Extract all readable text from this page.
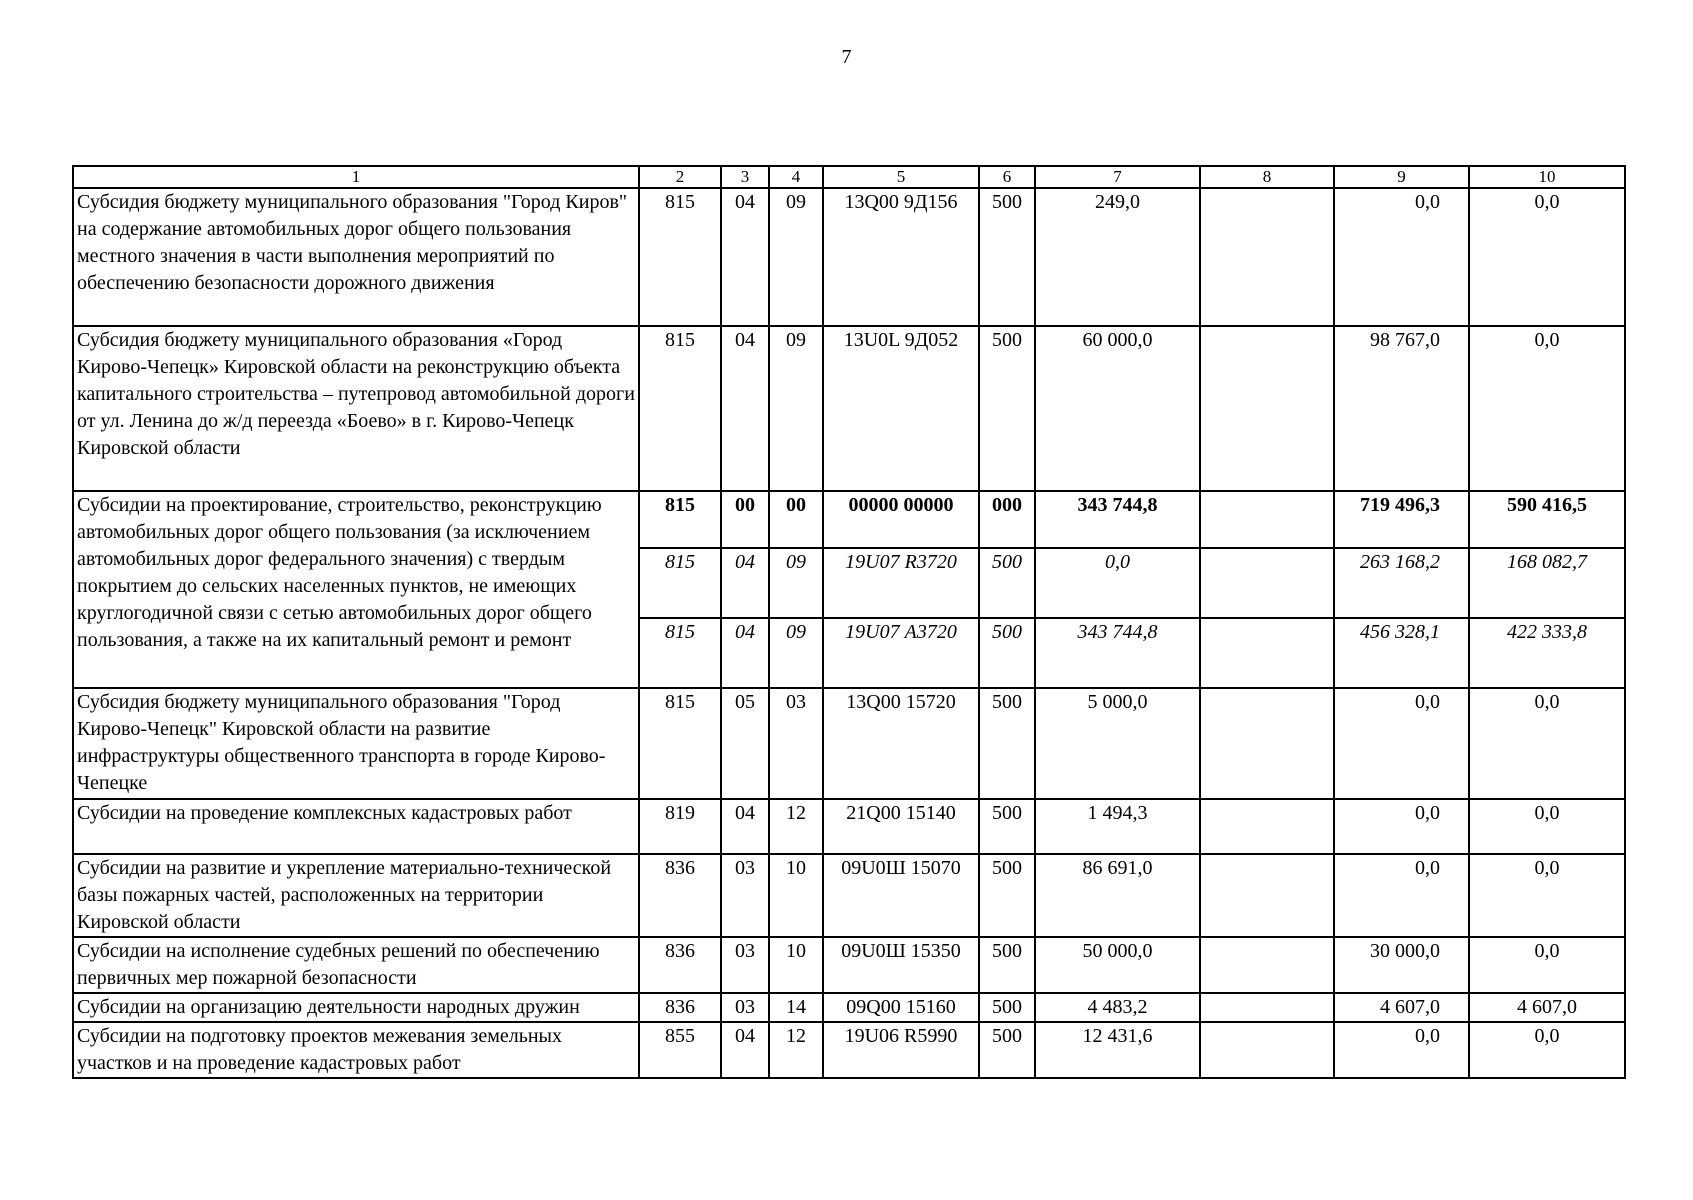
7
1	2	3	4	5	6	7	8	9	10
Субсидия бюджету муниципального образования "Город Киров" на содержание автомобильных дорог общего пользования местного значения в части выполнения мероприятий по обеспечению безопасности дорожного движения	815	04	09	13Q00 9Д156	500	249,0		0,0	0,0
Субсидия бюджету муниципального образования «Город Кирово-Чепецк» Кировской области на реконструкцию объекта капитального строительства – путепровод автомобильной дороги от ул. Ленина до ж/д переезда «Боево» в г. Кирово-Чепецк Кировской области	815	04	09	13U0L 9Д052	500	60 000,0		98 767,0	0,0
Субсидии на проектирование, строительство, реконструкцию автомобильных дорог общего пользования (за исключением автомобильных дорог федерального значения) с твердым покрытием до сельских населенных пунктов, не имеющих круглогодичной связи с сетью автомобильных дорог общего пользования, а также на их капитальный ремонт и ремонт	815	00	00	00000 00000	000	343 744,8		719 496,3	590 416,5
	815	04	09	19U07 R3720	500	0,0		263 168,2	168 082,7
	815	04	09	19U07 А3720	500	343 744,8		456 328,1	422 333,8
Субсидия бюджету муниципального образования "Город Кирово-Чепецк" Кировской области на развитие инфраструктуры общественного транспорта в городе Кирово-Чепецке	815	05	03	13Q00 15720	500	5 000,0		0,0	0,0
Субсидии на проведение комплексных кадастровых работ	819	04	12	21Q00 15140	500	1 494,3		0,0	0,0
Субсидии на развитие и укрепление материально-технической базы пожарных частей, расположенных на территории Кировской области	836	03	10	09U0Ш 15070	500	86 691,0		0,0	0,0
Субсидии на исполнение судебных решений по обеспечению первичных мер пожарной безопасности	836	03	10	09U0Ш 15350	500	50 000,0		30 000,0	0,0
Субсидии на организацию деятельности народных дружин	836	03	14	09Q00 15160	500	4 483,2		4 607,0	4 607,0
Субсидии на подготовку проектов межевания земельных участков и на проведение кадастровых работ	855	04	12	19U06 R5990	500	12 431,6		0,0	0,0
